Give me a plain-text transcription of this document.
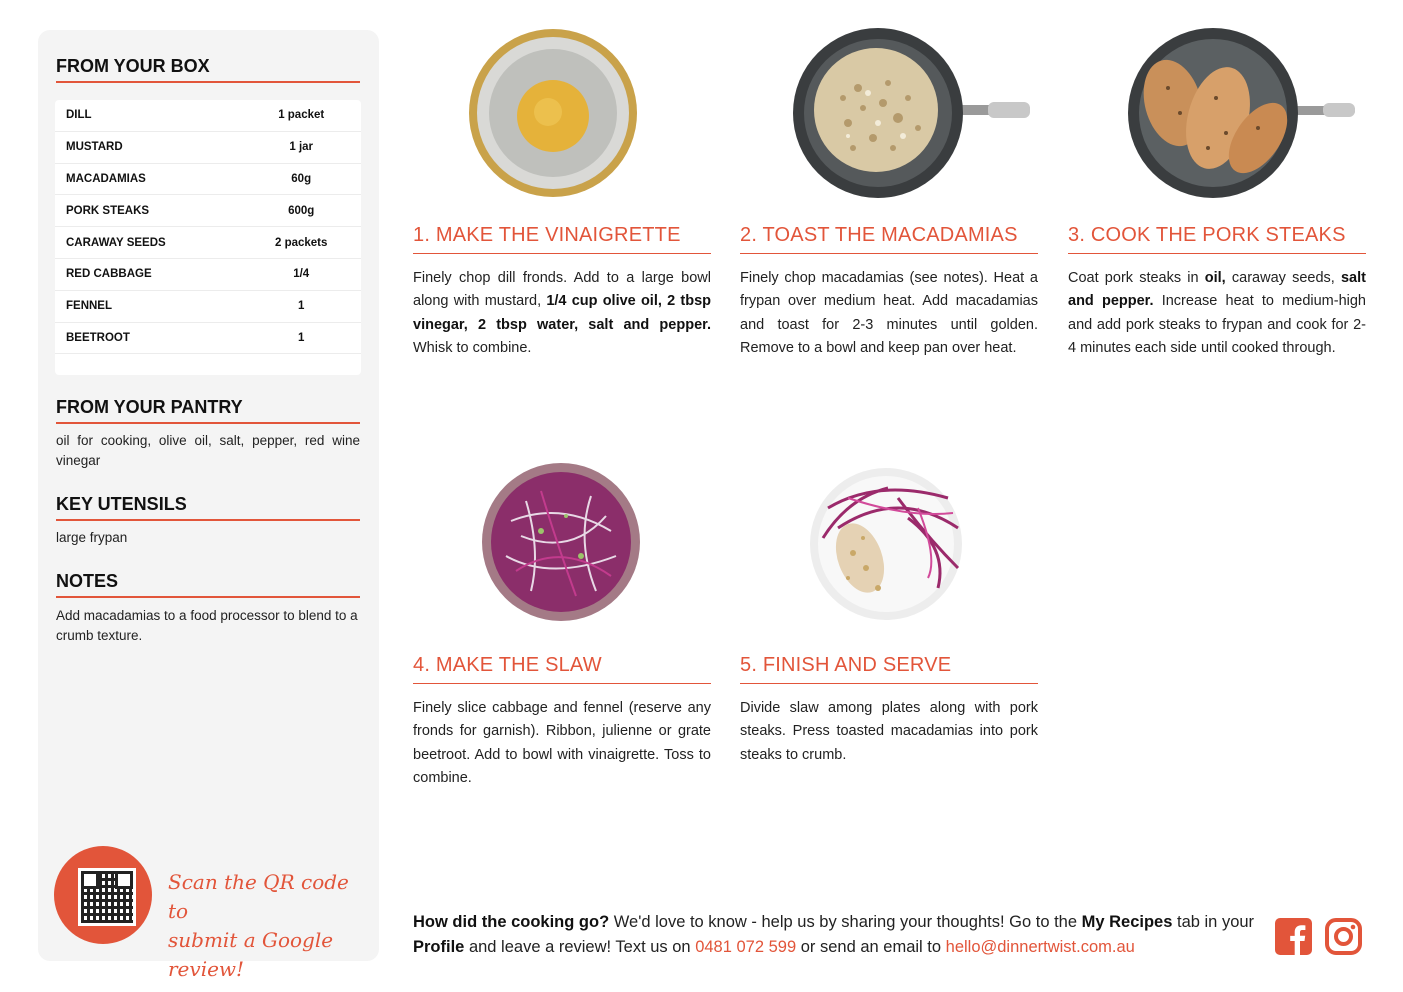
FROM YOUR BOX
DILL	1 packet
MUSTARD	1 jar
MACADAMIAS	60g
PORK STEAKS	600g
CARAWAY SEEDS	2 packets
RED CABBAGE	1/4
FENNEL	1
BEETROOT	1
FROM YOUR PANTRY

oil for cooking, olive oil, salt, pepper, red wine vinegar

KEY UTENSILS

large frypan

NOTES

Add macadamias to a food processor to blend to a crumb texture.

Scan the QR code to
submit a Google review!

1. MAKE THE VINAIGRETTE

Finely chop dill fronds. Add to a large bowl along with mustard, 1/4 cup olive oil, 2 tbsp vinegar, 2 tbsp water, salt and pepper. Whisk to combine.

2. TOAST THE MACADAMIAS

Finely chop macadamias (see notes). Heat a frypan over medium heat. Add macadamias and toast for 2-3 minutes until golden. Remove to a bowl and keep pan over heat.

3. COOK THE PORK STEAKS

Coat pork steaks in oil, caraway seeds, salt and pepper. Increase heat to medium-high and add pork steaks to frypan and cook for 2-4 minutes each side until cooked through.

4. MAKE THE SLAW

Finely slice cabbage and fennel (reserve any fronds for garnish). Ribbon, julienne or grate beetroot. Add to bowl with vinaigrette. Toss to combine.

5. FINISH AND SERVE

Divide slaw among plates along with pork steaks. Press toasted macadamias into pork steaks to crumb.

How did the cooking go? We'd love to know - help us by sharing your thoughts! Go to the My Recipes tab in your Profile and leave a review! Text us on 0481 072 599 or send an email to hello@dinnertwist.com.au
